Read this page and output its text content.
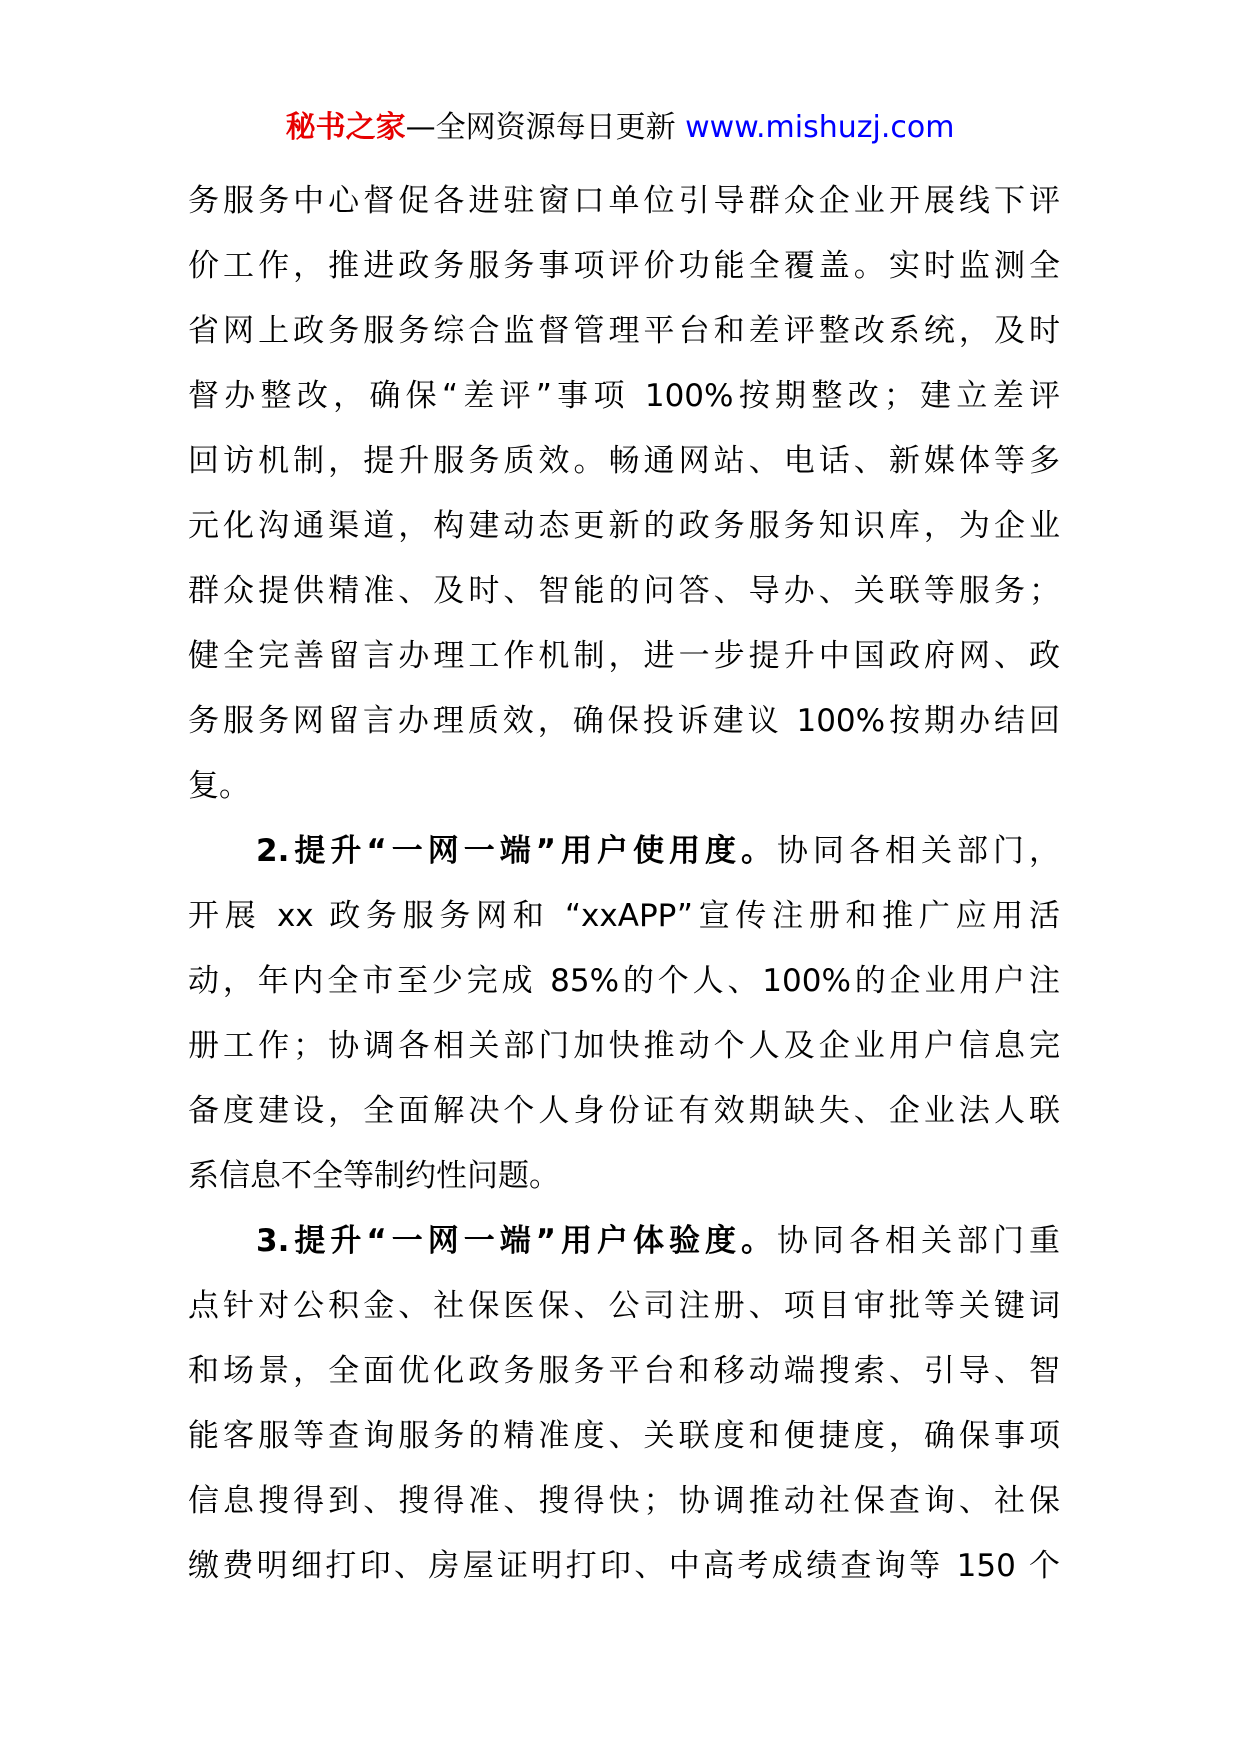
秘书之家—全网资源每日更新 www.mishuzj.com
务服务中心督促各进驻窗口单位引导群众企业开展线下评
价工作，推进政务服务事项评价功能全覆盖。实时监测全
省网上政务服务综合监督管理平台和差评整改系统，及时
督办整改，确保“差评”事项 100%按期整改；建立差评
回访机制，提升服务质效。畅通网站、电话、新媒体等多
元化沟通渠道，构建动态更新的政务服务知识库，为企业
群众提供精准、及时、智能的问答、导办、关联等服务；
健全完善留言办理工作机制，进一步提升中国政府网、政
务服务网留言办理质效，确保投诉建议 100%按期办结回
复。
2.提升“一网一端”用户使用度。协同各相关部门，
开展 xx 政务服务网和 “xxAPP”宣传注册和推广应用活
动，年内全市至少完成 85%的个人、100%的企业用户注
册工作；协调各相关部门加快推动个人及企业用户信息完
备度建设，全面解决个人身份证有效期缺失、企业法人联
系信息不全等制约性问题。
3.提升“一网一端”用户体验度。协同各相关部门重
点针对公积金、社保医保、公司注册、项目审批等关键词
和场景，全面优化政务服务平台和移动端搜索、引导、智
能客服等查询服务的精准度、关联度和便捷度，确保事项
信息搜得到、搜得准、搜得快；协调推动社保查询、社保
缴费明细打印、房屋证明打印、中高考成绩查询等 150 个
